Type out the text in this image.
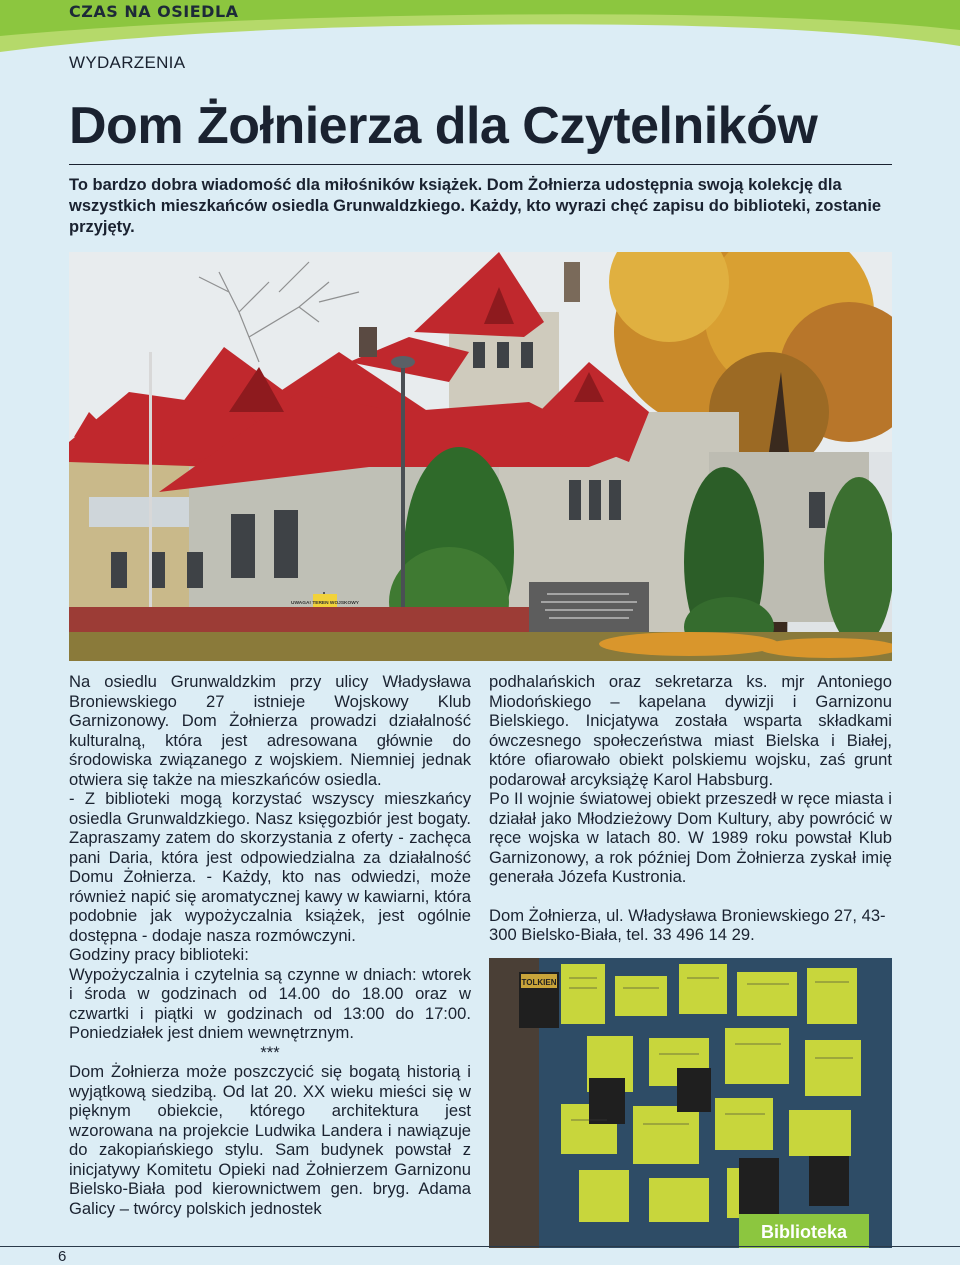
CZAS NA OSIEDLA
WYDARZENIA
Dom Żołnierza dla Czytelników

To bardzo dobra wiadomość dla miłośników książek. Dom Żołnierza udostępnia swoją kolekcję dla wszystkich mieszkańców osiedla Grunwaldzkiego. Każdy, kto wyrazi chęć zapisu do biblioteki, zostanie przyjęty.

UWAGA! TEREN WOJSKOWY

Na osiedlu Grunwaldzkim przy ulicy Władysława Broniewskiego 27 istnieje Wojskowy Klub Garnizonowy. Dom Żołnierza prowadzi działalność kulturalną, która jest adresowana głównie do środowiska związanego z wojskiem. Niemniej jednak otwiera się także na mieszkańców osiedla.

- Z biblioteki mogą korzystać wszyscy mieszkańcy osiedla Grunwaldzkiego. Nasz księgozbiór jest bogaty. Zapraszamy zatem do skorzystania z oferty - zachęca pani Daria, która jest odpowiedzialna za działalność Domu Żołnierza. - Każdy, kto nas odwiedzi, może również napić się aromatycznej kawy w kawiarni, która podobnie jak wypożyczalnia książek, jest ogólnie dostępna - dodaje nasza rozmówczyni.

Godziny pracy biblioteki:

Wypożyczalnia i czytelnia są czynne w dniach: wtorek i środa w godzinach od 14.00 do 18.00 oraz w czwartki i piątki w godzinach od 13:00 do 17:00. Poniedziałek jest dniem wewnętrznym.

***

Dom Żołnierza może poszczycić się bogatą historią i wyjątkową siedzibą. Od lat 20. XX wieku mieści się w pięknym obiekcie, którego architektura jest wzorowana na projekcie Ludwika Landera i nawiązuje do zakopiańskiego stylu. Sam budynek powstał z inicjatywy Komitetu Opieki nad Żołnierzem Garnizonu Bielsko-Biała pod kierownictwem gen. bryg. Adama Galicy – twórcy polskich jednostek

podhalańskich oraz sekretarza ks. mjr Antoniego Miodońskiego – kapelana dywizji i Garnizonu Bielskiego. Inicjatywa została wsparta składkami ówczesnego społeczeństwa miast Bielska i Białej, które ofiarowało obiekt polskiemu wojsku, zaś grunt podarował arcyksiążę Karol Habsburg.

Po II wojnie światowej obiekt przeszedł w ręce miasta i działał jako Młodzieżowy Dom Kultury, aby powrócić w ręce wojska w latach 80. W 1989 roku powstał Klub Garnizonowy, a rok później Dom Żołnierza zyskał imię generała Józefa Kustronia.

Dom Żołnierza, ul. Władysława Broniewskiego 27, 43-300 Bielsko-Biała, tel. 33 496 14 29.

TOLKIEN
Biblioteka
6
